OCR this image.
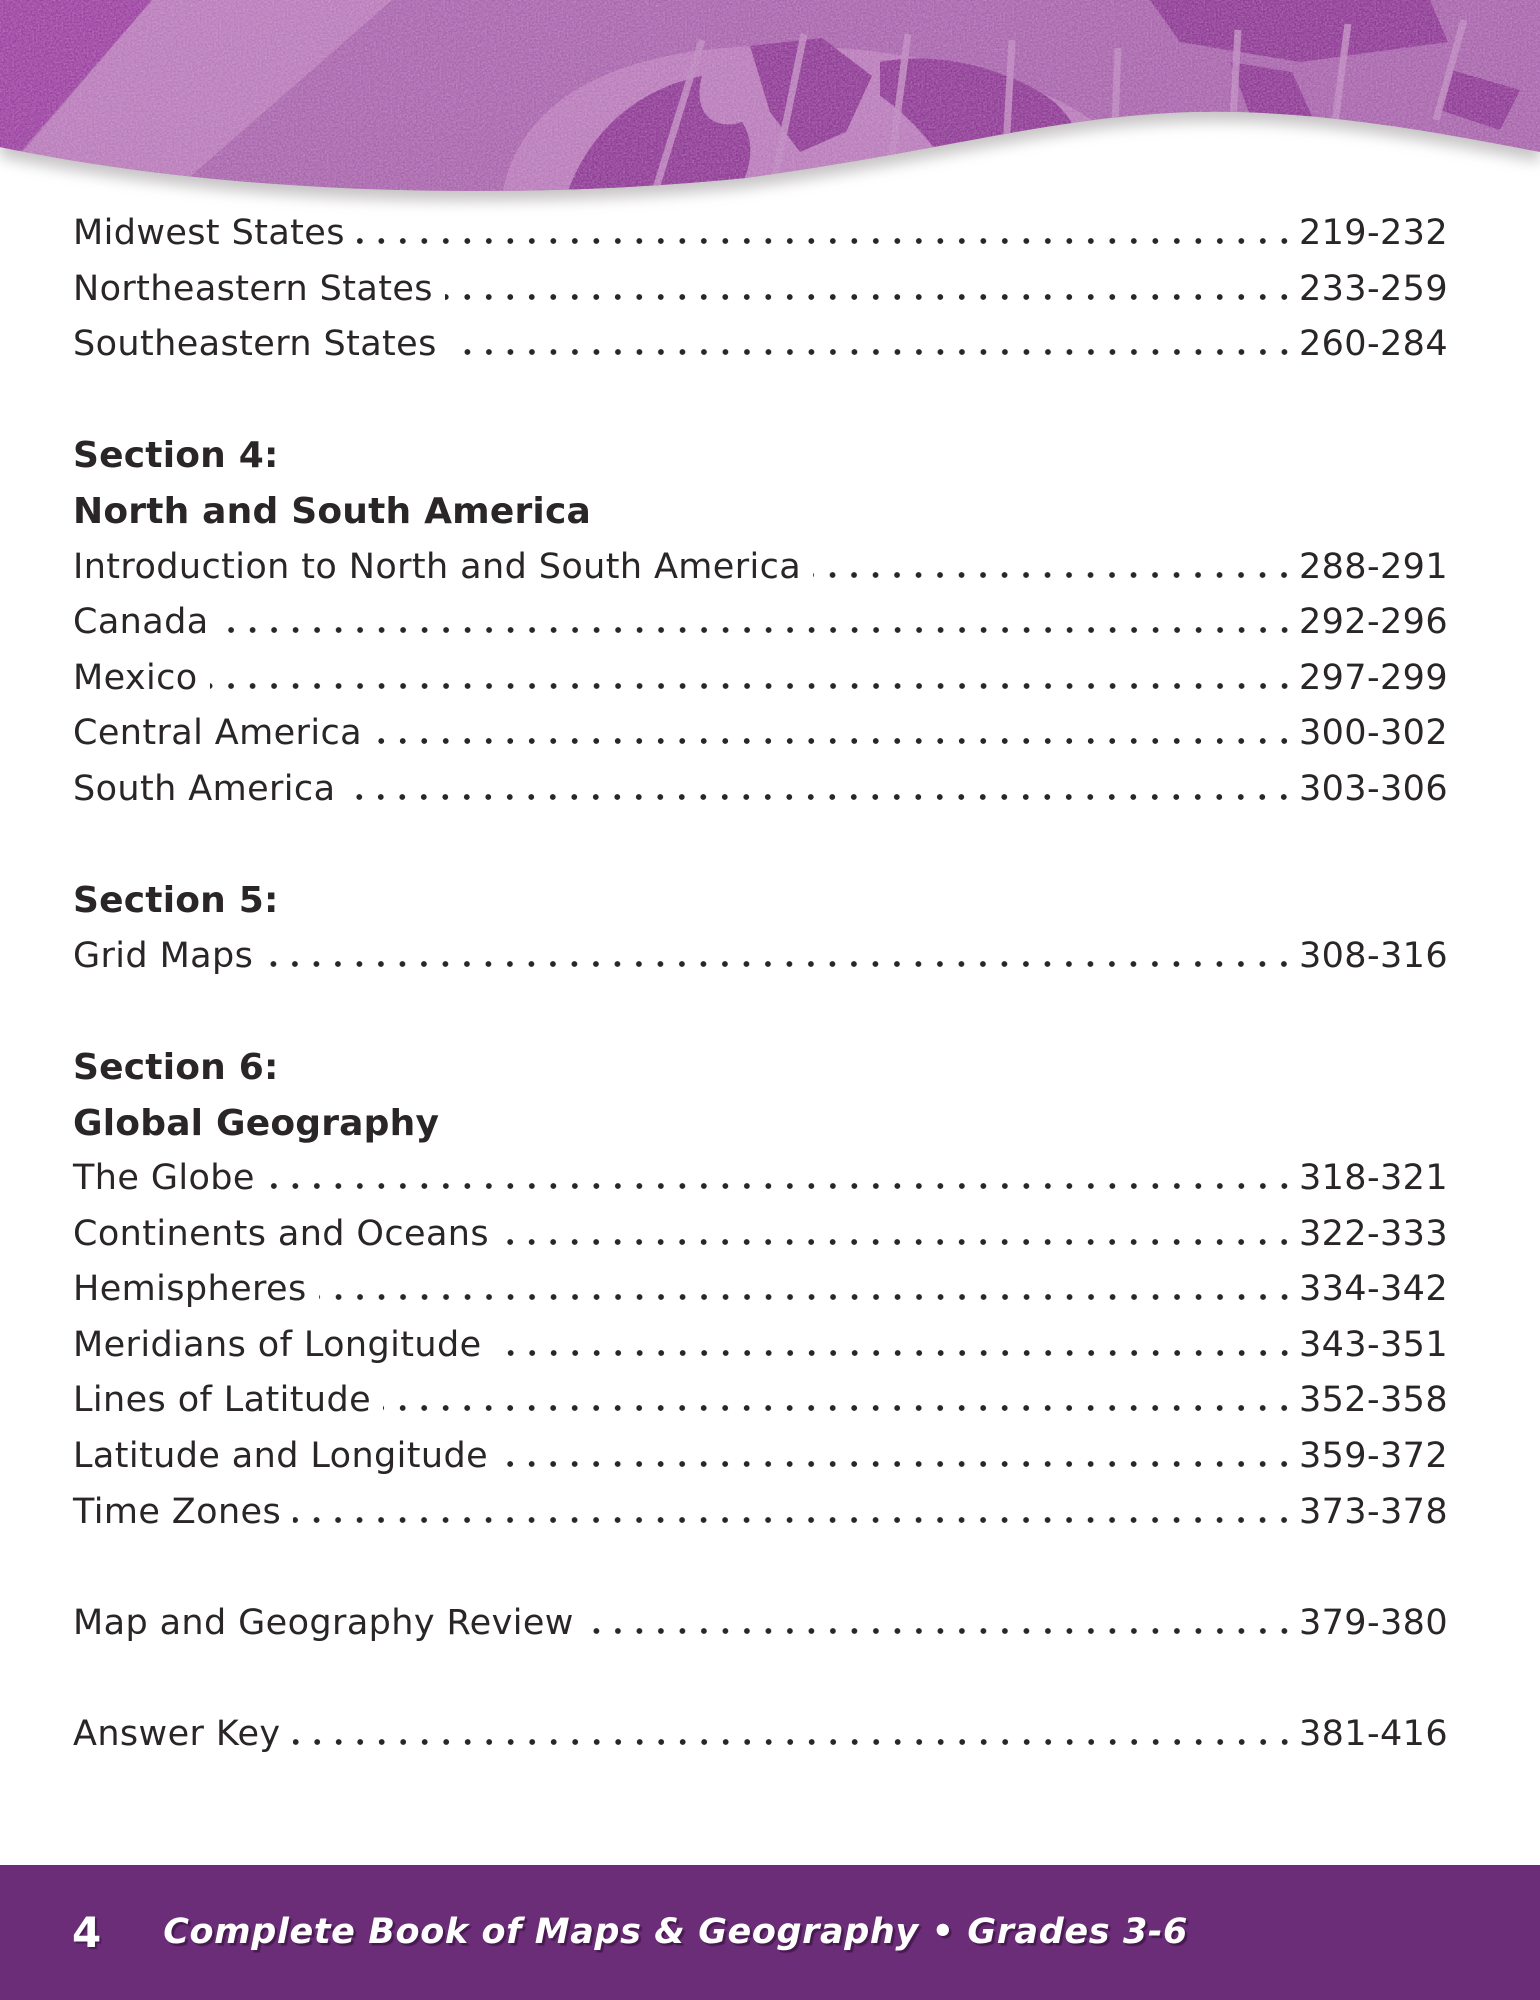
Midwest States	219-232
Northeastern States	233-259
Southeastern States	260-284
Section 4:
North and South America
Introduction to North and South America	288-291
Canada	292-296
Mexico	297-299
Central America	300-302
South America	303-306
Section 5:
Grid Maps	308-316
Section 6:
Global Geography
The Globe	318-321
Continents and Oceans	322-333
Hemispheres	334-342
Meridians of Longitude	343-351
Lines of Latitude	352-358
Latitude and Longitude	359-372
Time Zones	373-378
Map and Geography Review	379-380
Answer Key	381-416
4 Complete Book of Maps & Geography • Grades 3-6
